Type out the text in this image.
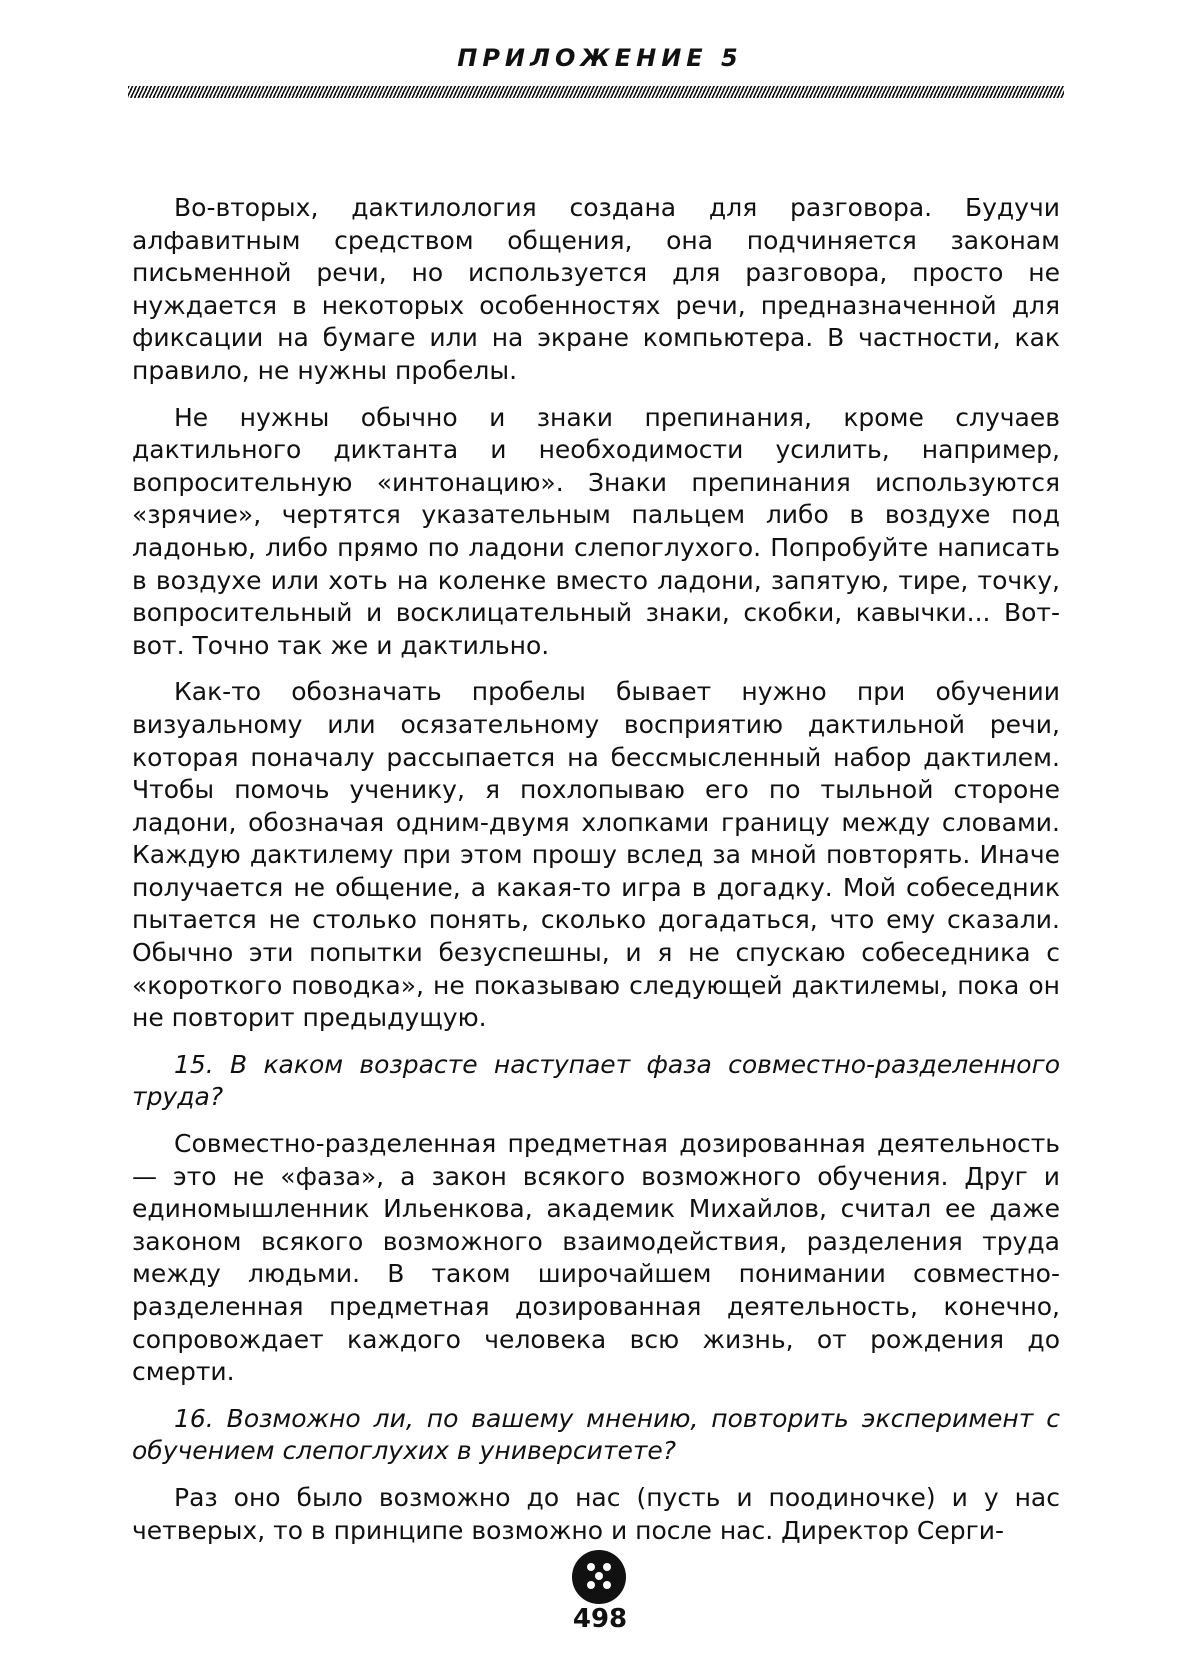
ПРИЛОЖЕНИЕ 5

Во-вторых, дактилология создана для разговора. Будучи алфавитным средством общения, она подчиняется законам письменной речи, но используется для разговора, просто не нуждается в некоторых особенностях речи, предназначенной для фиксации на бумаге или на экране компьютера. В частности, как правило, не нужны пробелы.

Не нужны обычно и знаки препинания, кроме случаев дактильного диктанта и необходимости усилить, например, вопросительную «интонацию». Знаки препинания используются «зрячие», чертятся указательным пальцем либо в воздухе под ладонью, либо прямо по ладони слепоглухого. Попробуйте написать в воздухе или хоть на коленке вместо ладони, запятую, тире, точку, вопросительный и восклицательный знаки, скобки, кавычки... Вот-вот. Точно так же и дактильно.

Как-то обозначать пробелы бывает нужно при обучении визуальному или осязательному восприятию дактильной речи, которая поначалу рассыпается на бессмысленный набор дактилем. Чтобы помочь ученику, я похлопываю его по тыльной стороне ладони, обозначая одним-двумя хлопками границу между словами. Каждую дактилему при этом прошу вслед за мной повторять. Иначе получается не общение, а какая-то игра в догадку. Мой собеседник пытается не столько понять, сколько догадаться, что ему сказали. Обычно эти попытки безуспешны, и я не спускаю собеседника с «короткого поводка», не показываю следующей дактилемы, пока он не повторит предыдущую.

15. В каком возрасте наступает фаза совместно-разделенного труда?

Совместно-разделенная предметная дозированная деятельность — это не «фаза», а закон всякого возможного обучения. Друг и единомышленник Ильенкова, академик Михайлов, считал ее даже законом всякого возможного взаимодействия, разделения труда между людьми. В таком широчайшем понимании совместно-разделенная предметная дозированная деятельность, конечно, сопровождает каждого человека всю жизнь, от рождения до смерти.

16. Возможно ли, по вашему мнению, повторить эксперимент с обучением слепоглухих в университете?

Раз оно было возможно до нас (пусть и поодиночке) и у нас четверых, то в принципе возможно и после нас. Директор Серги-

498
